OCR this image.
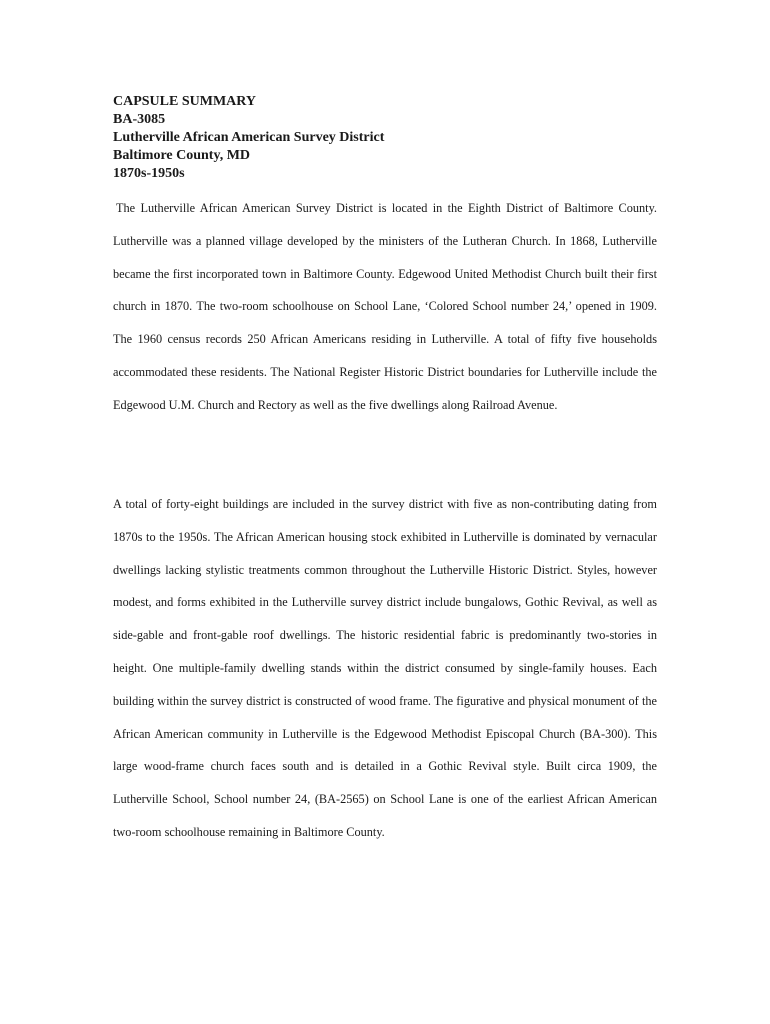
CAPSULE SUMMARY

BA-3085

Lutherville African American Survey District

Baltimore County, MD

1870s-1950s

The Lutherville African American Survey District is located in the Eighth District of Baltimore County. Lutherville was a planned village developed by the ministers of the Lutheran Church. In 1868, Lutherville became the first incorporated town in Baltimore County. Edgewood United Methodist Church built their first church in 1870. The two-room schoolhouse on School Lane, ‘Colored School number 24,’ opened in 1909. The 1960 census records 250 African Americans residing in Lutherville. A total of fifty five households accommodated these residents. The National Register Historic District boundaries for Lutherville include the Edgewood U.M. Church and Rectory as well as the five dwellings along Railroad Avenue.

A total of forty-eight buildings are included in the survey district with five as non-contributing dating from 1870s to the 1950s. The African American housing stock exhibited in Lutherville is dominated by vernacular dwellings lacking stylistic treatments common throughout the Lutherville Historic District. Styles, however modest, and forms exhibited in the Lutherville survey district include bungalows, Gothic Revival, as well as side-gable and front-gable roof dwellings. The historic residential fabric is predominantly two-stories in height. One multiple-family dwelling stands within the district consumed by single-family houses. Each building within the survey district is constructed of wood frame. The figurative and physical monument of the African American community in Lutherville is the Edgewood Methodist Episcopal Church (BA-300). This large wood-frame church faces south and is detailed in a Gothic Revival style. Built circa 1909, the Lutherville School, School number 24, (BA-2565) on School Lane is one of the earliest African American two-room schoolhouse remaining in Baltimore County.
